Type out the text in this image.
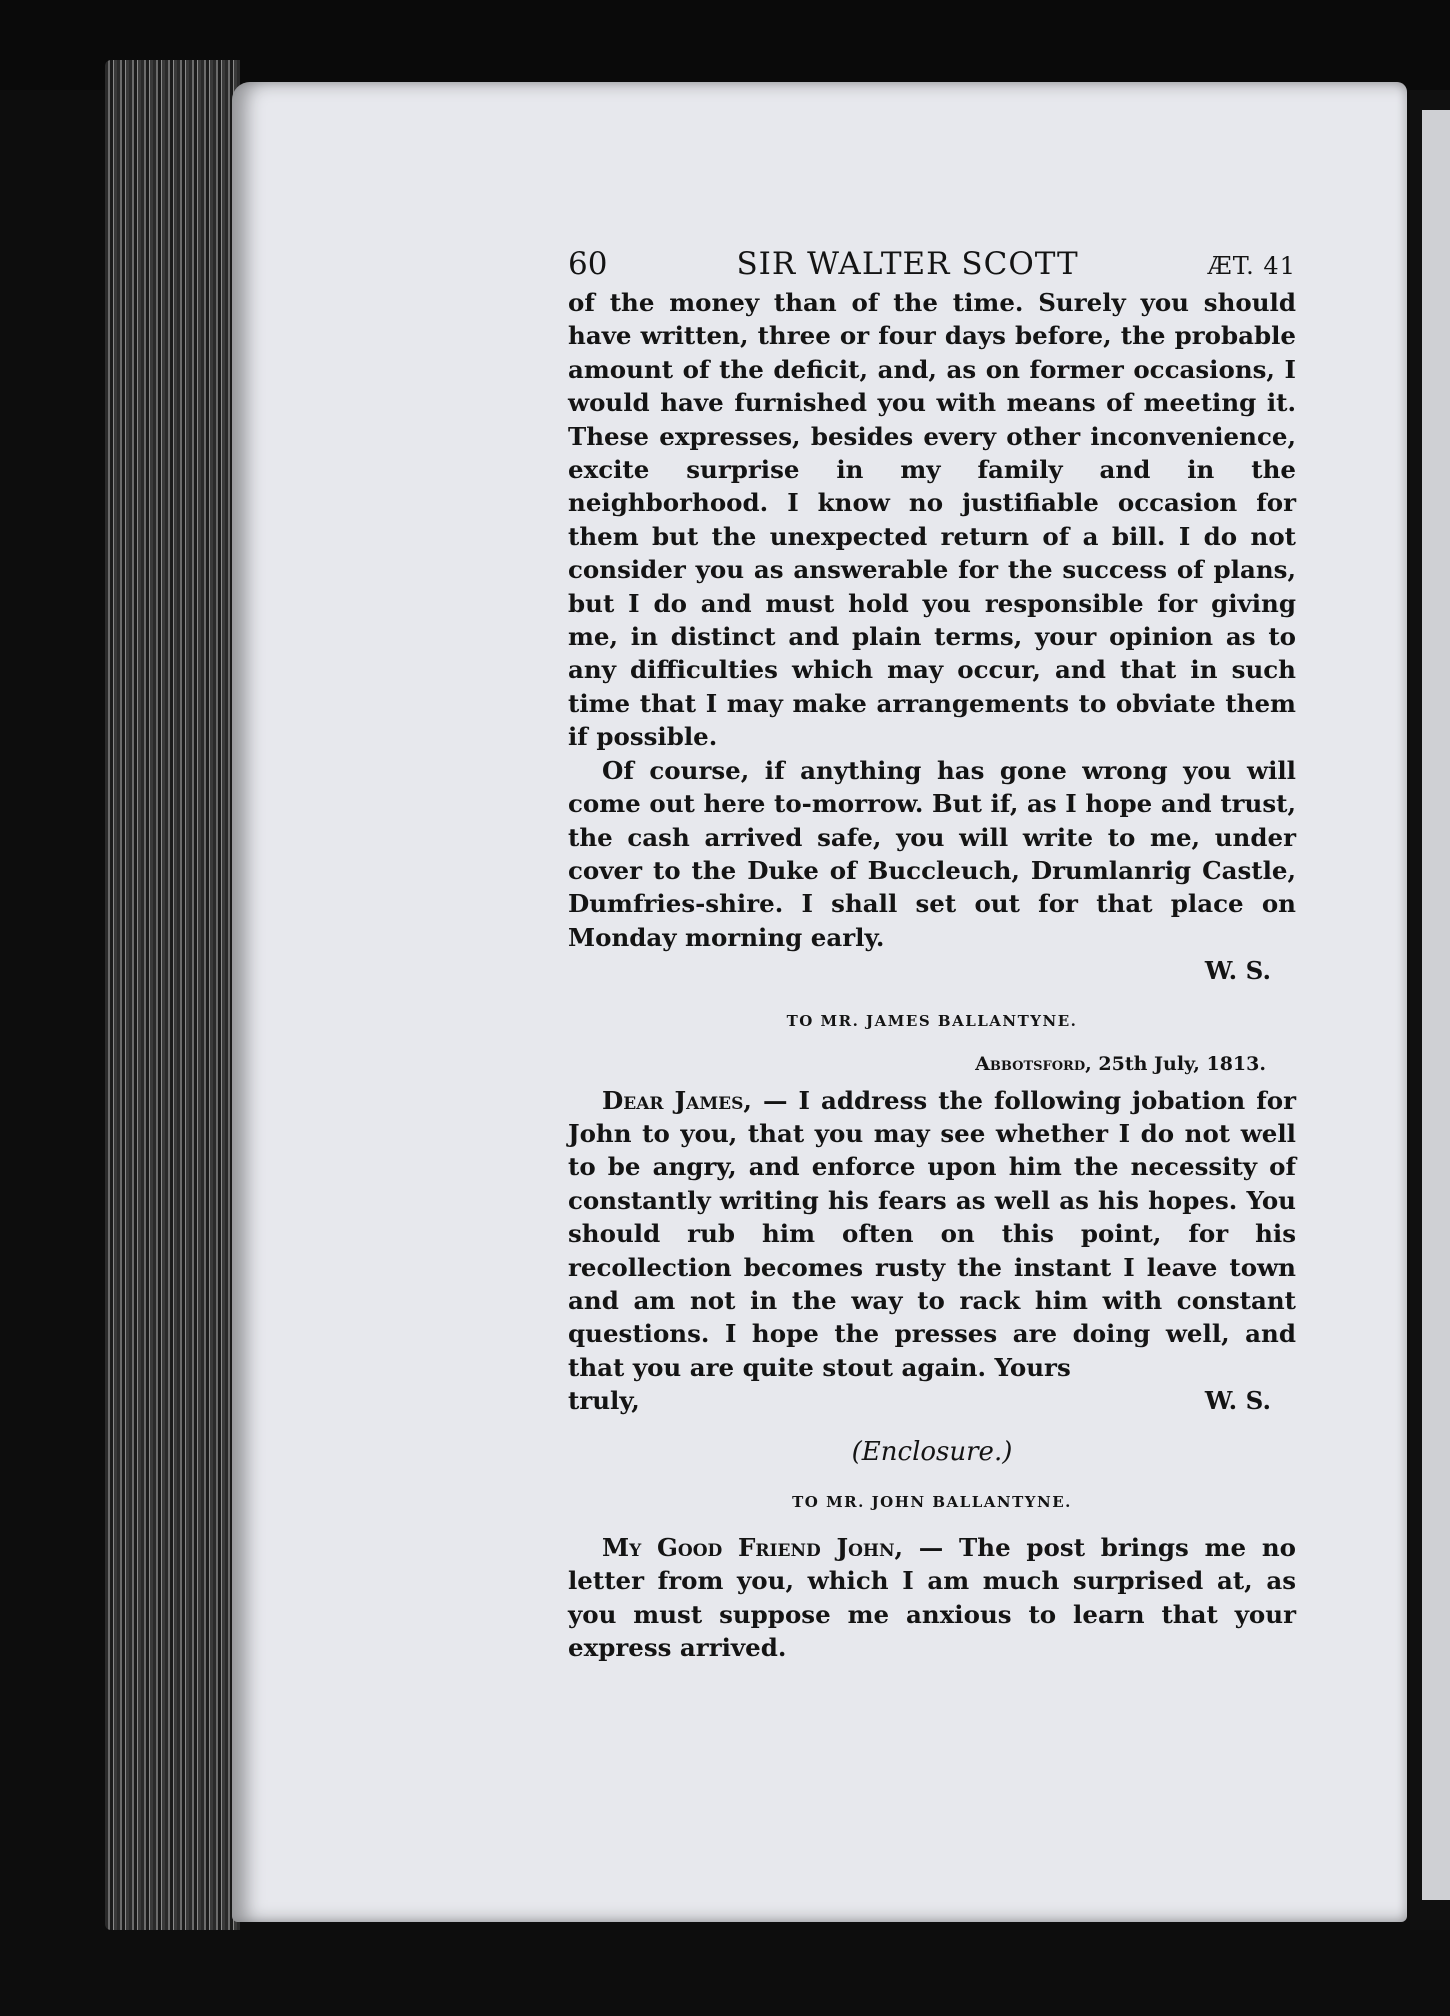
60	SIR WALTER SCOTT	ÆT. 41

of the money than of the time. Surely you should have written, three or four days before, the probable amount of the deficit, and, as on former occasions, I would have furnished you with means of meeting it. These expresses, besides every other inconvenience, excite surprise in my family and in the neighborhood. I know no justifiable occasion for them but the unexpected return of a bill. I do not consider you as answerable for the success of plans, but I do and must hold you responsible for giving me, in distinct and plain terms, your opinion as to any difficulties which may occur, and that in such time that I may make arrangements to obviate them if possible.

Of course, if anything has gone wrong you will come out here to-morrow. But if, as I hope and trust, the cash arrived safe, you will write to me, under cover to the Duke of Buccleuch, Drumlanrig Castle, Dumfries-shire. I shall set out for that place on Monday morning early.

W. S.
TO MR. JAMES BALLANTYNE.
Abbotsford, 25th July, 1813.

Dear James, — I address the following jobation for John to you, that you may see whether I do not well to be angry, and enforce upon him the necessity of constantly writing his fears as well as his hopes. You should rub him often on this point, for his recollection becomes rusty the instant I leave town and am not in the way to rack him with constant questions. I hope the presses are doing well, and that you are quite stout again. Yours

truly,	W. S.
(Enclosure.)
TO MR. JOHN BALLANTYNE.

My Good Friend John, — The post brings me no letter from you, which I am much surprised at, as you must suppose me anxious to learn that your express arrived.
